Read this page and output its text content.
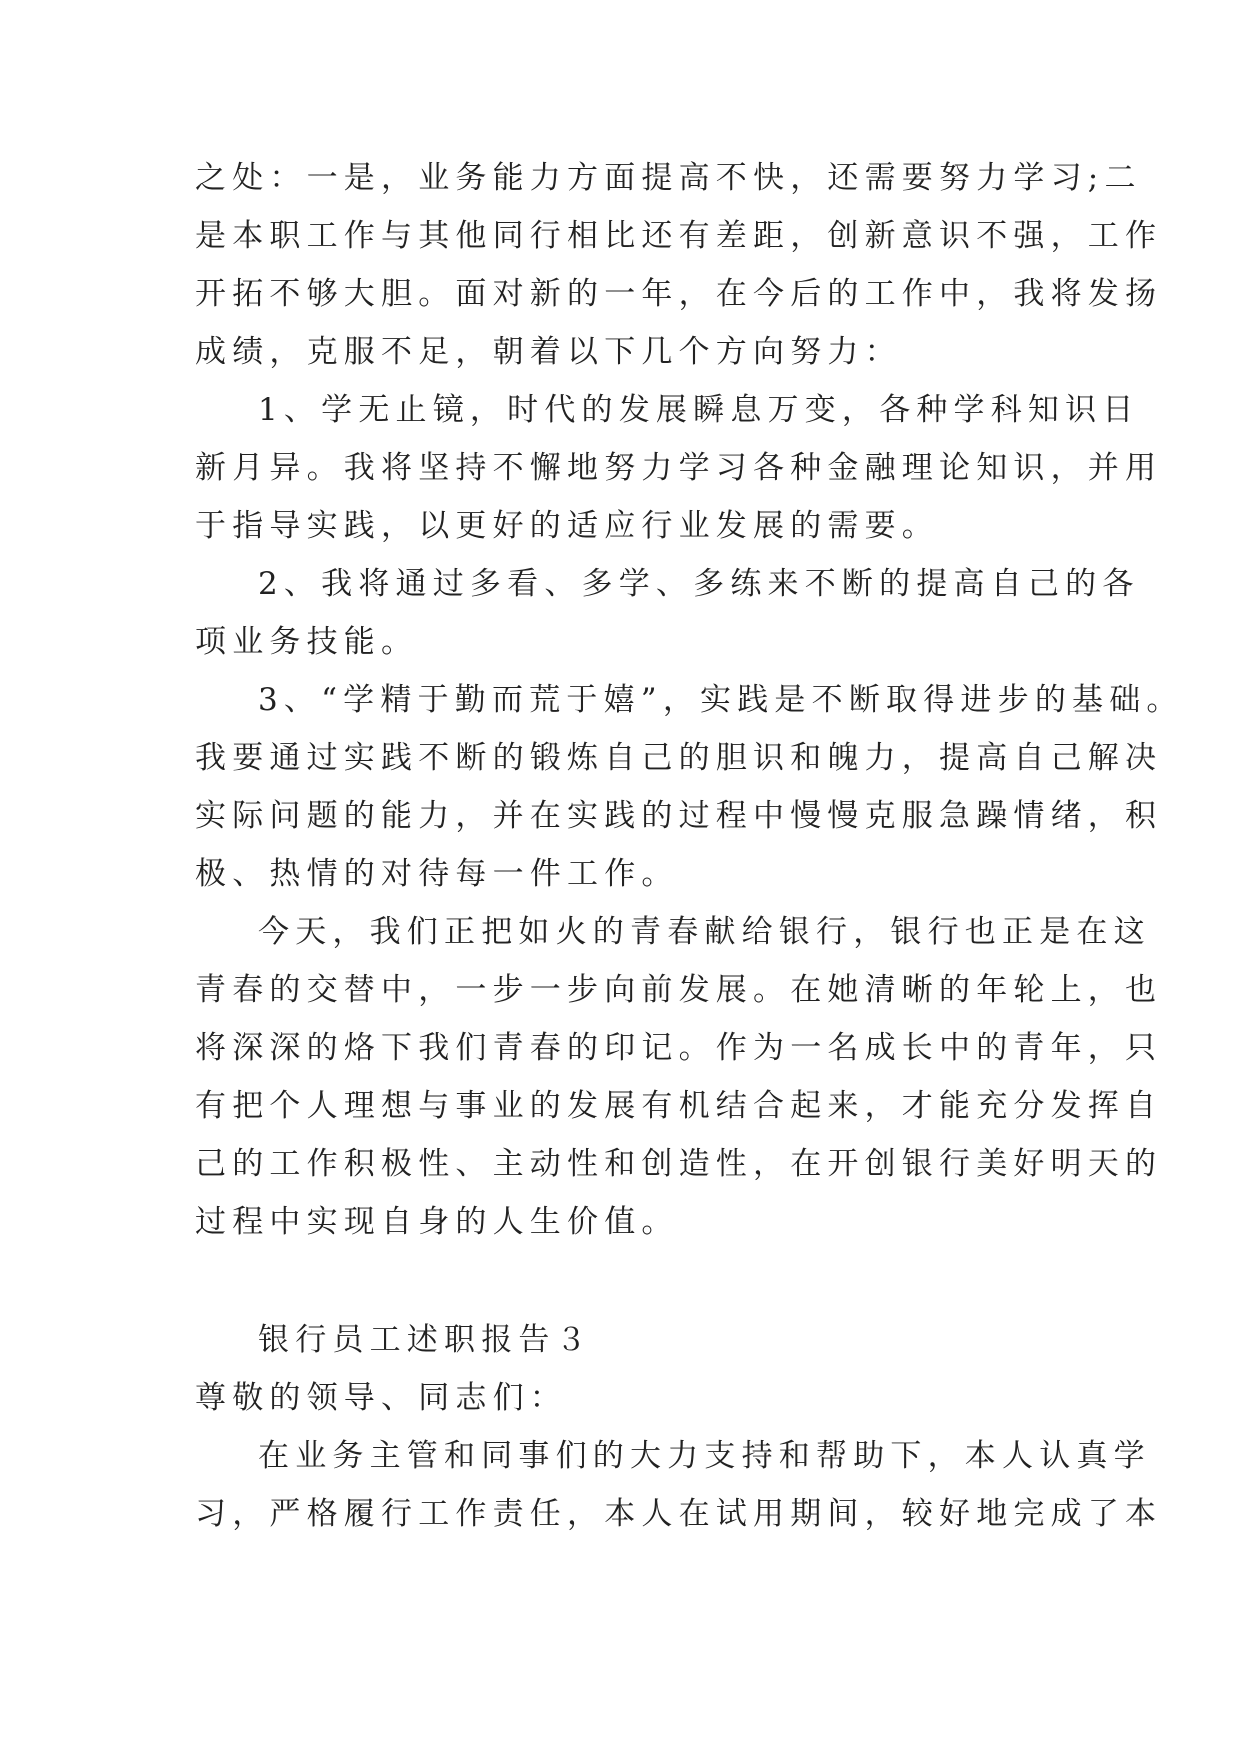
之处：一是，业务能力方面提高不快，还需要努力学习;二
是本职工作与其他同行相比还有差距，创新意识不强，工作
开拓不够大胆。面对新的一年，在今后的工作中，我将发扬
成绩，克服不足，朝着以下几个方向努力：
1、学无止镜，时代的发展瞬息万变，各种学科知识日
新月异。我将坚持不懈地努力学习各种金融理论知识，并用
于指导实践，以更好的适应行业发展的需要。
2、我将通过多看、多学、多练来不断的提高自己的各
项业务技能。
3、“学精于勤而荒于嬉”，实践是不断取得进步的基础。
我要通过实践不断的锻炼自己的胆识和魄力，提高自己解决
实际问题的能力，并在实践的过程中慢慢克服急躁情绪，积
极、热情的对待每一件工作。
今天，我们正把如火的青春献给银行，银行也正是在这
青春的交替中，一步一步向前发展。在她清晰的年轮上，也
将深深的烙下我们青春的印记。作为一名成长中的青年，只
有把个人理想与事业的发展有机结合起来，才能充分发挥自
己的工作积极性、主动性和创造性，在开创银行美好明天的
过程中实现自身的人生价值。
银行员工述职报告３
尊敬的领导、同志们：
在业务主管和同事们的大力支持和帮助下，本人认真学
习，严格履行工作责任，本人在试用期间，较好地完成了本
